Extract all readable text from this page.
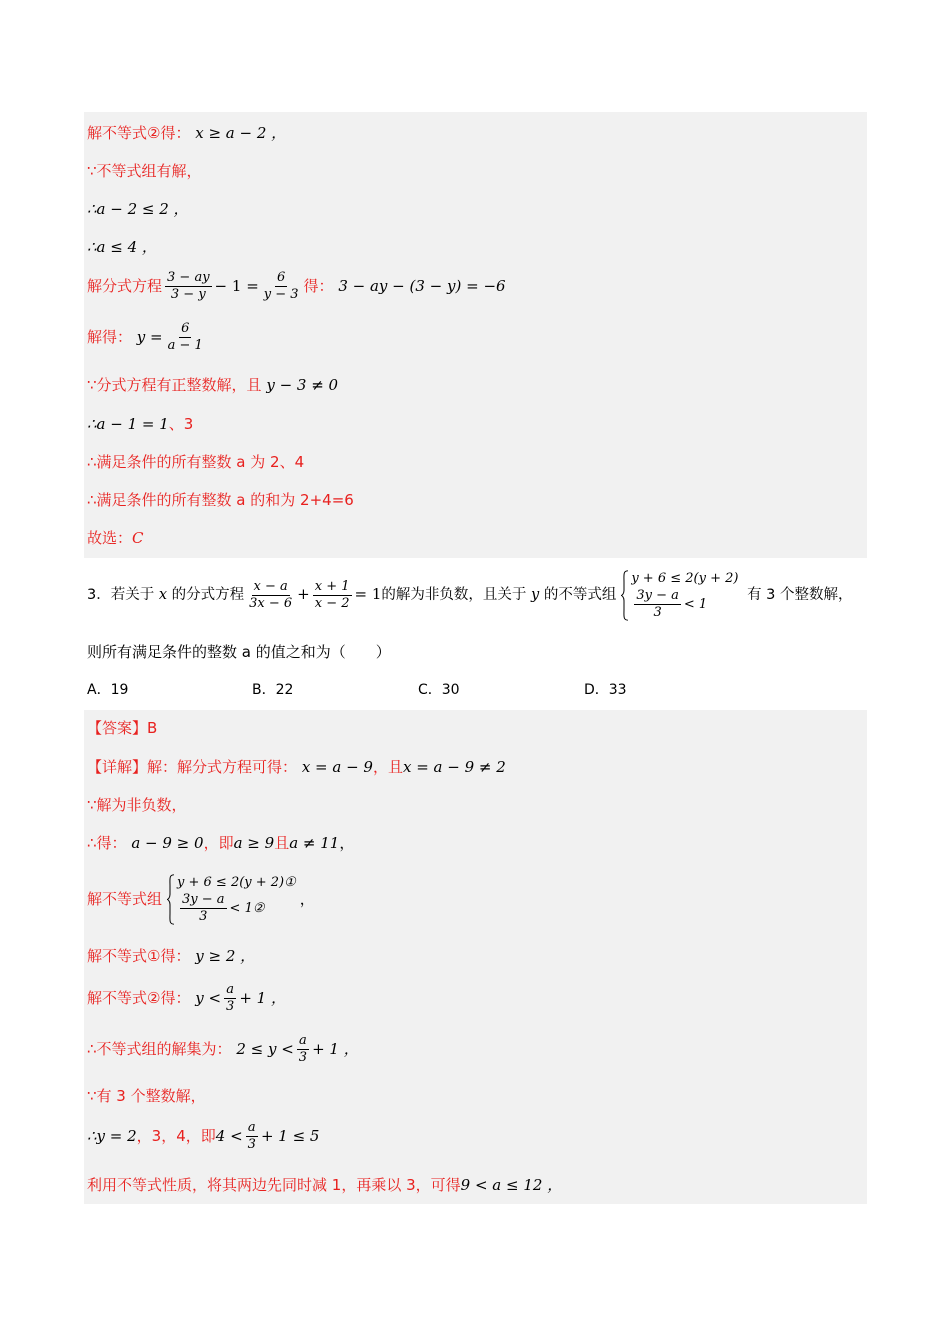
解不等式②得： x ≥ a − 2 ，
∵不等式组有解，
∴a − 2 ≤ 2 ，
∴a ≤ 4 ，
解分式方程 $\frac{3 - ay}{3 - y} - 1 = \frac{6}{y - 3}$ 得： 3 − ay − (3 − y) = −6
解得： $y = \frac{6}{a - 1}$
∵分式方程有正整数解，且 y − 3 ≠ 0
∴a − 1 = 1、3
∴满足条件的所有整数 a 为 2、4
∴满足条件的所有整数 a 的和为 2+4=6
故选：C
3．若关于 x 的分式方程 $\frac{x - a}{3x - 6} + \frac{x + 1}{x - 2} = 1$的解为非负数，且关于 y 的不等式组
y + 6 ≤ 2(y + 2)
$\frac{3y - a}{3} < 1$
有 3 个整数解，
则所有满足条件的整数 a 的值之和为（　　）
A．19	B．22	C．30	D．33
【答案】B
【详解】解：解分式方程可得： x = a − 9，且x = a − 9 ≠ 2
∵解为非负数，
∴得： a − 9 ≥ 0，即a ≥ 9且a ≠ 11，
解不等式组
y + 6 ≤ 2(y + 2)①
$\frac{3y - a}{3}$ < 1②
，
解不等式①得： y ≥ 2 ，
解不等式②得： $y < \frac{a}{3} + 1$ ，
∴不等式组的解集为： $2 \le y < \frac{a}{3} + 1$ ，
∵有 3 个整数解，
∴y = 2，3，4，即$4 < \frac{a}{3} + 1 \le 5$
利用不等式性质，将其两边先同时减 1，再乘以 3，可得9 < a ≤ 12 ，
